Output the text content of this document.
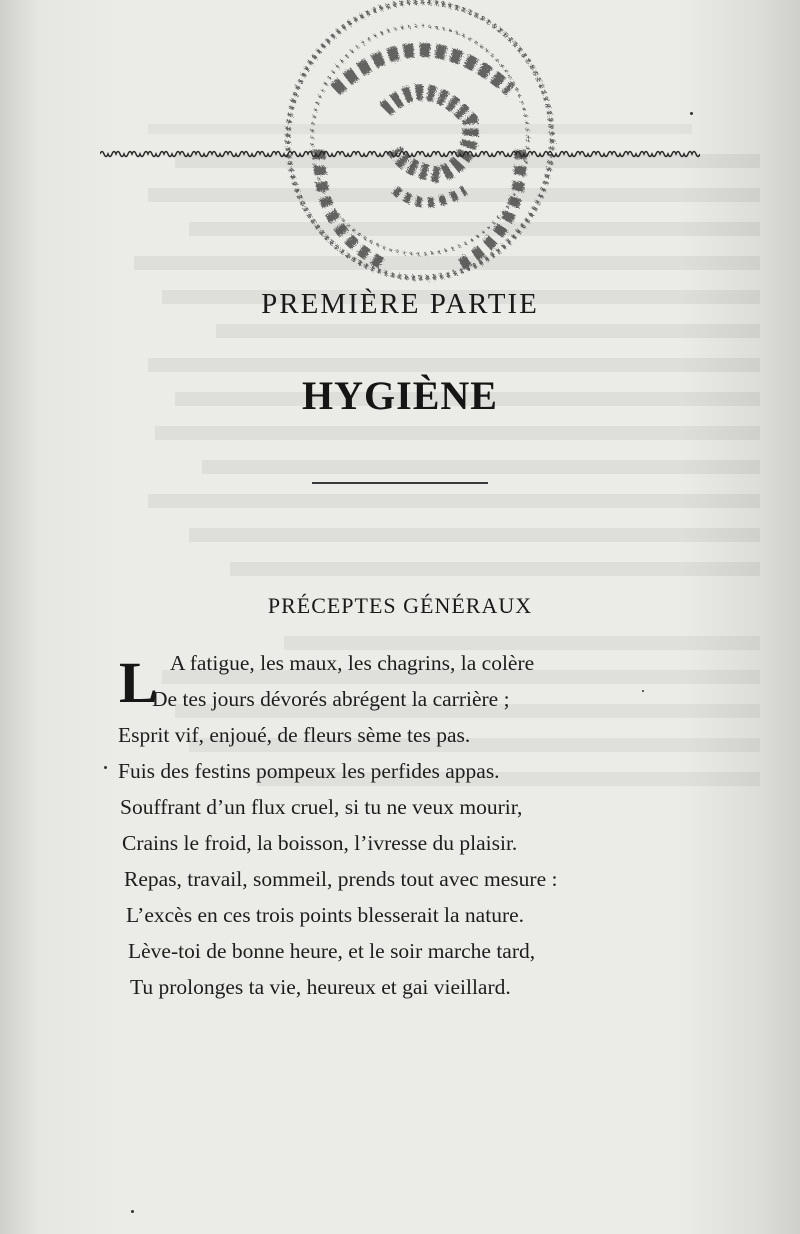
PREMIÈRE PARTIE
HYGIÈNE
PRÉCEPTES GÉNÉRAUX
L A fatigue, les maux, les chagrins, la colère
De tes jours dévorés abrégent la carrière ;
Esprit vif, enjoué, de fleurs sème tes pas.
Fuis des festins pompeux les perfides appas.
Souffrant d’un flux cruel, si tu ne veux mourir,
Crains le froid, la boisson, l’ivresse du plaisir.
Repas, travail, sommeil, prends tout avec mesure :
L’excès en ces trois points blesserait la nature.
Lève-toi de bonne heure, et le soir marche tard,
Tu prolonges ta vie, heureux et gai vieillard.
